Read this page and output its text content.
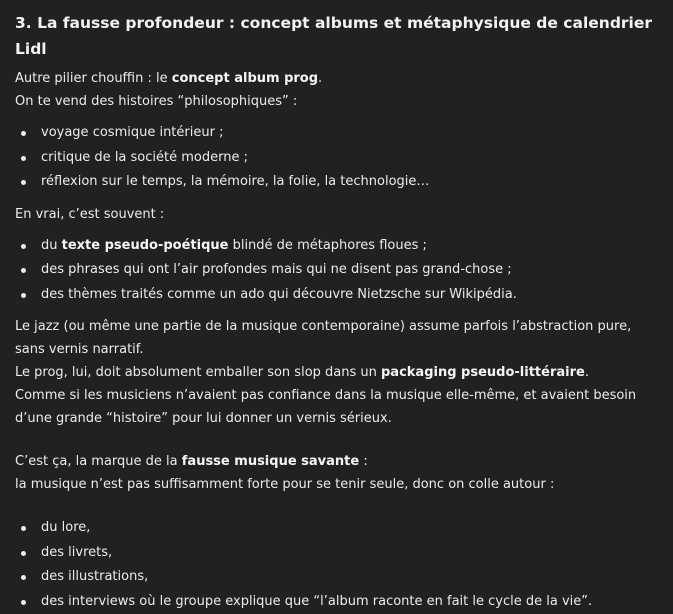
3. La fausse profondeur : concept albums et métaphysique de calendrier Lidl

Autre pilier chouffin : le concept album prog.
On te vend des histoires “philosophiques” :

voyage cosmique intérieur ;
critique de la société moderne ;
réflexion sur le temps, la mémoire, la folie, la technologie…

En vrai, c’est souvent :

du texte pseudo-poétique blindé de métaphores floues ;
des phrases qui ont l’air profondes mais qui ne disent pas grand-chose ;
des thèmes traités comme un ado qui découvre Nietzsche sur Wikipédia.

Le jazz (ou même une partie de la musique contemporaine) assume parfois l’abstraction pure, sans vernis narratif.
Le prog, lui, doit absolument emballer son slop dans un packaging pseudo-littéraire.
Comme si les musiciens n’avaient pas confiance dans la musique elle-même, et avaient besoin d’une grande “histoire” pour lui donner un vernis sérieux.

C’est ça, la marque de la fausse musique savante :
la musique n’est pas suffisamment forte pour se tenir seule, donc on colle autour :

du lore,
des livrets,
des illustrations,
des interviews où le groupe explique que “l’album raconte en fait le cycle de la vie”.
